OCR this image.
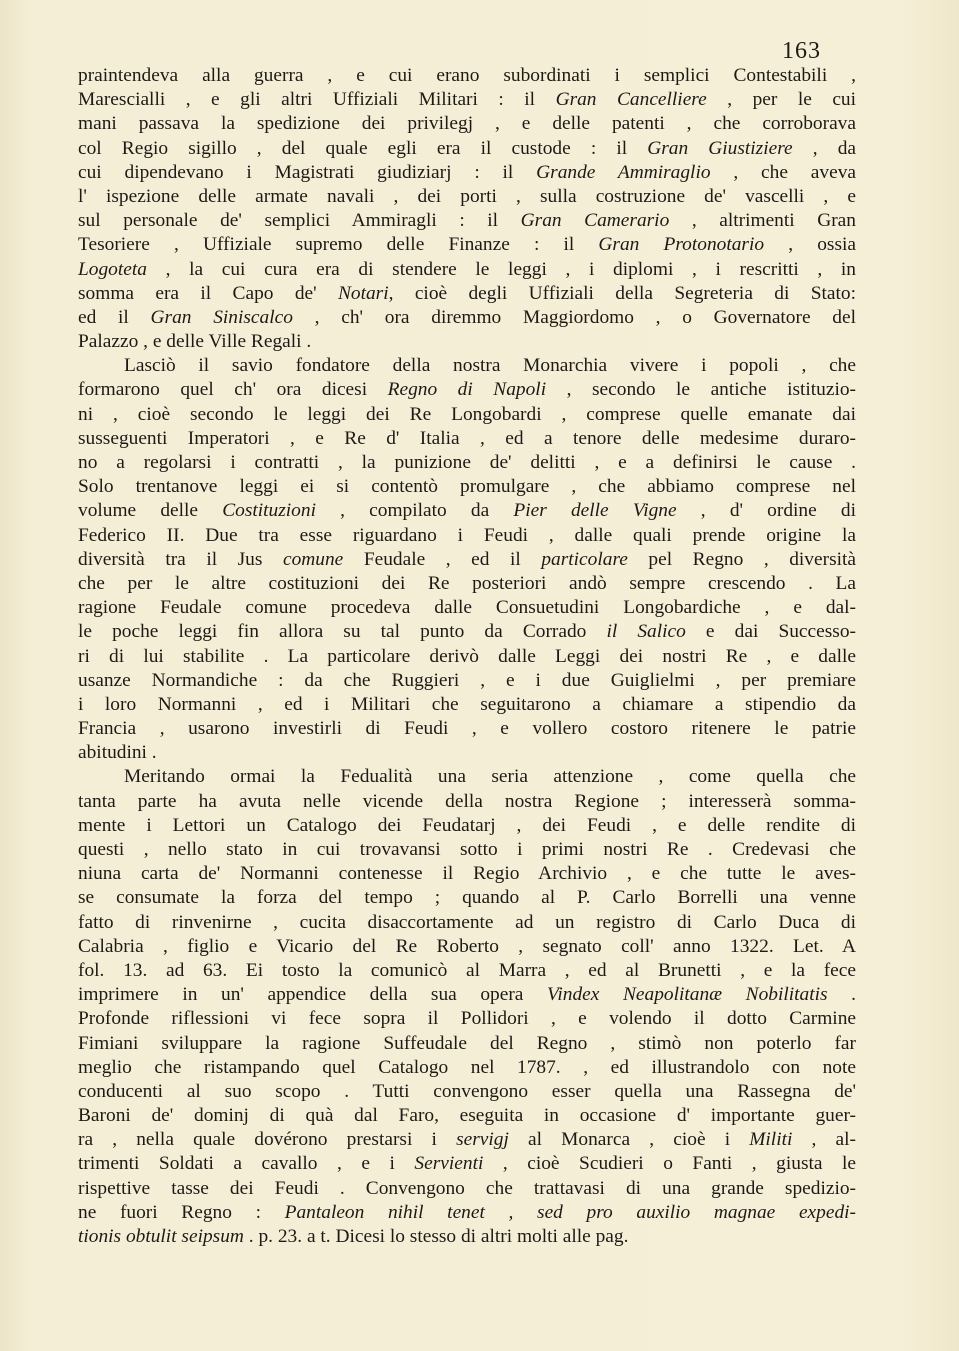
163
praintendeva alla guerra , e cui erano subordinati i semplici Contestabili ,
Marescialli , e gli altri Uffiziali Militari : il Gran Cancelliere , per le cui
mani passava la spedizione dei privilegj , e delle patenti , che corroborava
col Regio sigillo , del quale egli era il custode : il Gran Giustiziere , da
cui dipendevano i Magistrati giudiziarj : il Grande Ammiraglio , che aveva
l' ispezione delle armate navali , dei porti , sulla costruzione de' vascelli , e
sul personale de' semplici Ammiragli : il Gran Camerario , altrimenti Gran
Tesoriere , Uffiziale supremo delle Finanze : il Gran Protonotario , ossia
Logoteta , la cui cura era di stendere le leggi , i diplomi , i rescritti , in
somma era il Capo de' Notari, cioè degli Uffiziali della Segreteria di Stato:
ed il Gran Siniscalco , ch' ora diremmo Maggiordomo , o Governatore del
Palazzo , e delle Ville Regali .
Lasciò il savio fondatore della nostra Monarchia vivere i popoli , che
formarono quel ch' ora dicesi Regno di Napoli , secondo le antiche istituzio-
ni , cioè secondo le leggi dei Re Longobardi , comprese quelle emanate dai
susseguenti Imperatori , e Re d' Italia , ed a tenore delle medesime duraro-
no a regolarsi i contratti , la punizione de' delitti , e a definirsi le cause .
Solo trentanove leggi ei si contentò promulgare , che abbiamo comprese nel
volume delle Costituzioni , compilato da Pier delle Vigne , d' ordine di
Federico II. Due tra esse riguardano i Feudi , dalle quali prende origine la
diversità tra il Jus comune Feudale , ed il particolare pel Regno , diversità
che per le altre costituzioni dei Re posteriori andò sempre crescendo . La
ragione Feudale comune procedeva dalle Consuetudini Longobardiche , e dal-
le poche leggi fin allora su tal punto da Corrado il Salico e dai Successo-
ri di lui stabilite . La particolare derivò dalle Leggi dei nostri Re , e dalle
usanze Normandiche : da che Ruggieri , e i due Guiglielmi , per premiare
i loro Normanni , ed i Militari che seguitarono a chiamare a stipendio da
Francia , usarono investirli di Feudi , e vollero costoro ritenere le patrie
abitudini .
Meritando ormai la Fedualità una seria attenzione , come quella che
tanta parte ha avuta nelle vicende della nostra Regione ; interesserà somma-
mente i Lettori un Catalogo dei Feudatarj , dei Feudi , e delle rendite di
questi , nello stato in cui trovavansi sotto i primi nostri Re . Credevasi che
niuna carta de' Normanni contenesse il Regio Archivio , e che tutte le aves-
se consumate la forza del tempo ; quando al P. Carlo Borrelli una venne
fatto di rinvenirne , cucita disaccortamente ad un registro di Carlo Duca di
Calabria , figlio e Vicario del Re Roberto , segnato coll' anno 1322. Let. A
fol. 13. ad 63. Ei tosto la comunicò al Marra , ed al Brunetti , e la fece
imprimere in un' appendice della sua opera Vindex Neapolitanæ Nobilitatis .
Profonde riflessioni vi fece sopra il Pollidori , e volendo il dotto Carmine
Fimiani sviluppare la ragione Suffeudale del Regno , stimò non poterlo far
meglio che ristampando quel Catalogo nel 1787. , ed illustrandolo con note
conducenti al suo scopo . Tutti convengono esser quella una Rassegna de'
Baroni de' dominj di quà dal Faro, eseguita in occasione d' importante guer-
ra , nella quale dovérono prestarsi i servigj al Monarca , cioè i Militi , al-
trimenti Soldati a cavallo , e i Servienti , cioè Scudieri o Fanti , giusta le
rispettive tasse dei Feudi . Convengono che trattavasi di una grande spedizio-
ne fuori Regno : Pantaleon nihil tenet , sed pro auxilio magnae expedi-
tionis obtulit seipsum . p. 23. a t. Dicesi lo stesso di altri molti alle pag.
